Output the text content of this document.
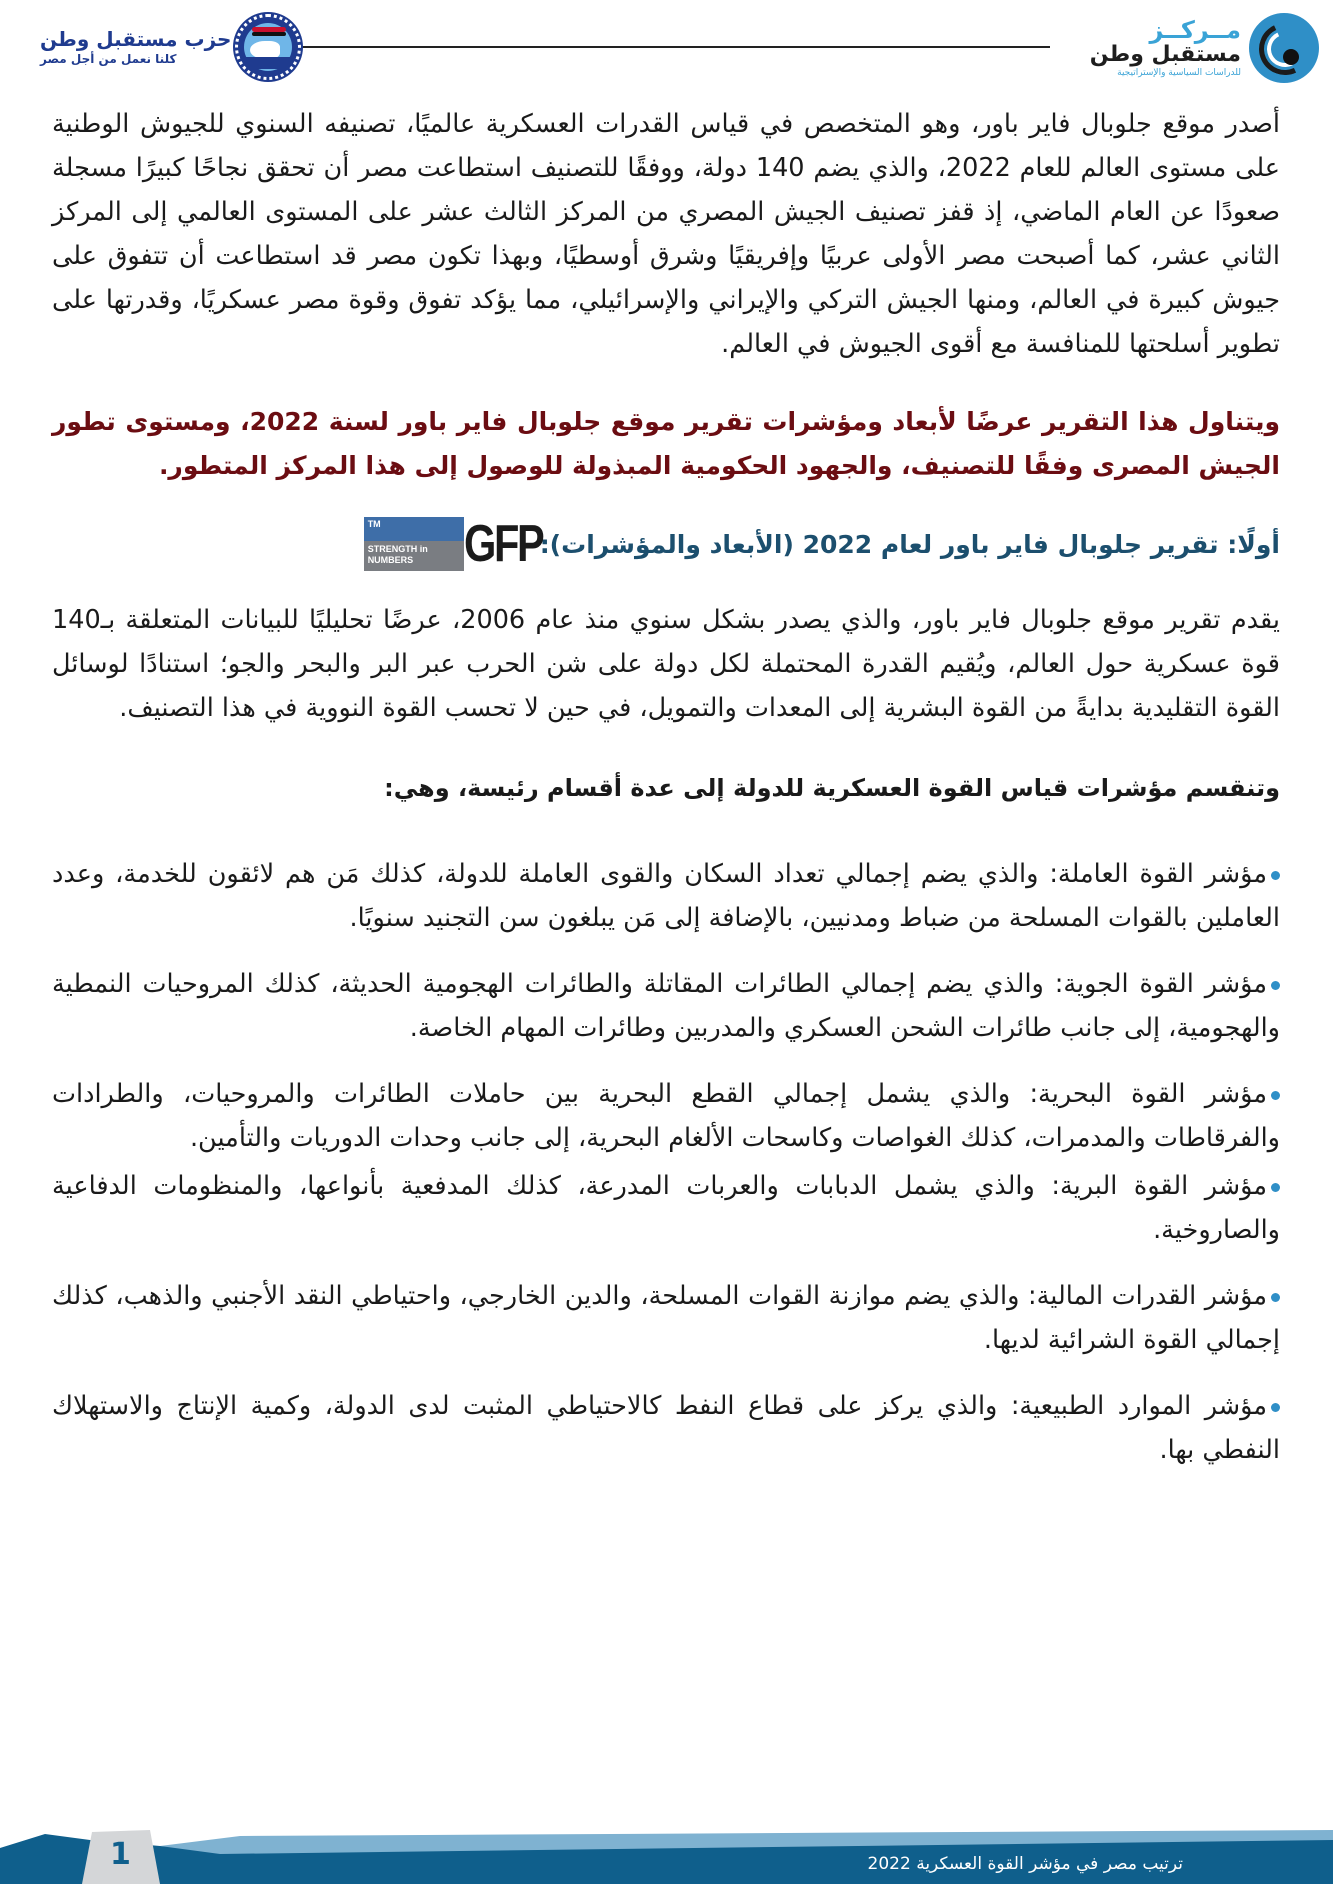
مــركــز
مستقبل وطن
للدراسات السياسية والإستراتيجية
حزب مستقبل وطن
كلنا نعمل من أجل مصر

أصدر موقع جلوبال فاير باور، وهو المتخصص في قياس القدرات العسكرية عالميًا، تصنيفه السنوي للجيوش الوطنية على مستوى العالم للعام 2022، والذي يضم 140 دولة، ووفقًا للتصنيف استطاعت مصر أن تحقق نجاحًا كبيرًا مسجلة صعودًا عن العام الماضي، إذ قفز تصنيف الجيش المصري من المركز الثالث عشر على المستوى العالمي إلى المركز الثاني عشر، كما أصبحت مصر الأولى عربيًا وإفريقيًا وشرق أوسطيًا، وبهذا تكون مصر قد استطاعت أن تتفوق على جيوش كبيرة في العالم، ومنها الجيش التركي والإيراني والإسرائيلي، مما يؤكد تفوق وقوة مصر عسكريًا، وقدرتها على تطوير أسلحتها للمنافسة مع أقوى الجيوش في العالم.

ويتناول هذا التقرير عرضًا لأبعاد ومؤشرات تقرير موقع جلوبال فاير باور لسنة 2022، ومستوى تطور الجيش المصرى وفقًا للتصنيف، والجهود الحكومية المبذولة للوصول إلى هذا المركز المتطور.

أولًا: تقرير جلوبال فاير باور لعام 2022 (الأبعاد والمؤشرات):
GFP
TM
STRENGTH in
NUMBERS

يقدم تقرير موقع جلوبال فاير باور، والذي يصدر بشكل سنوي منذ عام 2006، عرضًا تحليليًا للبيانات المتعلقة بـ140 قوة عسكرية حول العالم، ويُقيم القدرة المحتملة لكل دولة على شن الحرب عبر البر والبحر والجو؛ استنادًا لوسائل القوة التقليدية بدايةً من القوة البشرية إلى المعدات والتمويل، في حين لا تحسب القوة النووية في هذا التصنيف.

وتنقسم مؤشرات قياس القوة العسكرية للدولة إلى عدة أقسام رئيسة، وهي:

مؤشر القوة العاملة: والذي يضم إجمالي تعداد السكان والقوى العاملة للدولة، كذلك مَن هم لائقون للخدمة، وعدد العاملين بالقوات المسلحة من ضباط ومدنيين، بالإضافة إلى مَن يبلغون سن التجنيد سنويًا.

مؤشر القوة الجوية: والذي يضم إجمالي الطائرات المقاتلة والطائرات الهجومية الحديثة، كذلك المروحيات النمطية والهجومية، إلى جانب طائرات الشحن العسكري والمدربين وطائرات المهام الخاصة.

مؤشر القوة البحرية: والذي يشمل إجمالي القطع البحرية بين حاملات الطائرات والمروحيات، والطرادات والفرقاطات والمدمرات، كذلك الغواصات وكاسحات الألغام البحرية، إلى جانب وحدات الدوريات والتأمين.

مؤشر القوة البرية: والذي يشمل الدبابات والعربات المدرعة، كذلك المدفعية بأنواعها، والمنظومات الدفاعية والصاروخية.

مؤشر القدرات المالية: والذي يضم موازنة القوات المسلحة، والدين الخارجي، واحتياطي النقد الأجنبي والذهب، كذلك إجمالي القوة الشرائية لديها.

مؤشر الموارد الطبيعية: والذي يركز على قطاع النفط كالاحتياطي المثبت لدى الدولة، وكمية الإنتاج والاستهلاك النفطي بها.

1	ترتيب مصر في مؤشر القوة العسكرية 2022
